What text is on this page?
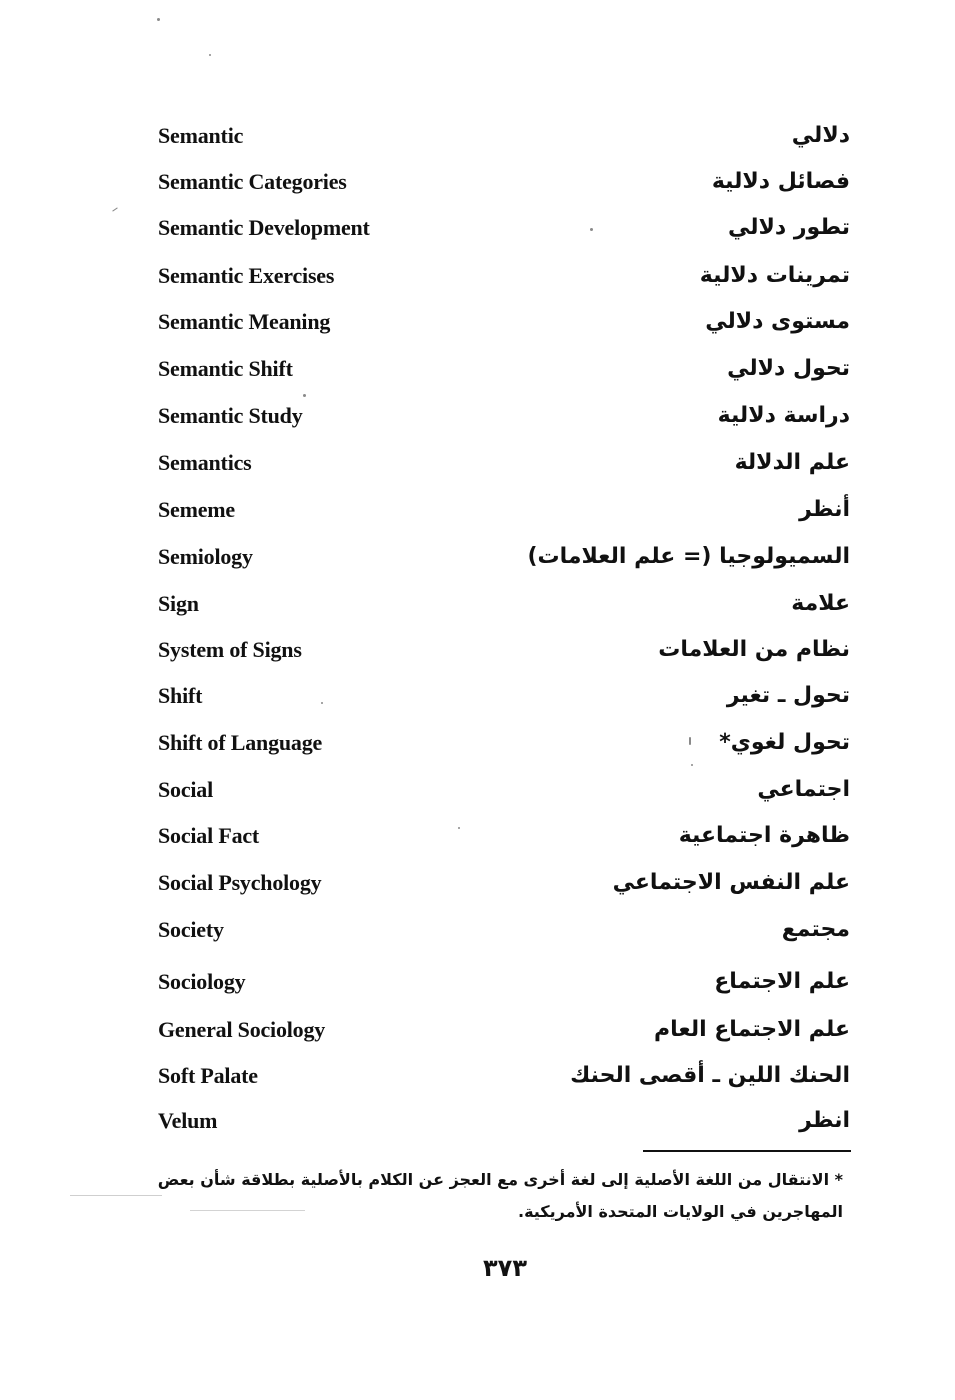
Semantic	دلالي
Semantic Categories	فصائل دلالية
Semantic Development	تطور دلالي
Semantic Exercises	تمرينات دلالية
Semantic Meaning	مستوى دلالي
Semantic Shift	تحول دلالي
Semantic Study	دراسة دلالية
Semantics	علم الدلالة
Sememe	أنظر
Semiology	السميولوجيا (= علم العلامات)
Sign	علامة
System of Signs	نظام من العلامات
Shift	تحول ـ تغير
Shift of Language	تحول لغوي*
Social	اجتماعي
Social Fact	ظاهرة اجتماعية
Social Psychology	علم النفس الاجتماعي
Society	مجتمع
Sociology	علم الاجتماع
General Sociology	علم الاجتماع العام
Soft Palate	الحنك اللين ـ أقصى الحنك
Velum	انظر
* الانتقال من اللغة الأصلية إلى لغة أخرى مع العجز عن الكلام بالأصلية بطلاقة شأن بعض المهاجرين في الولايات المتحدة الأمريكية.
٣٧٣
